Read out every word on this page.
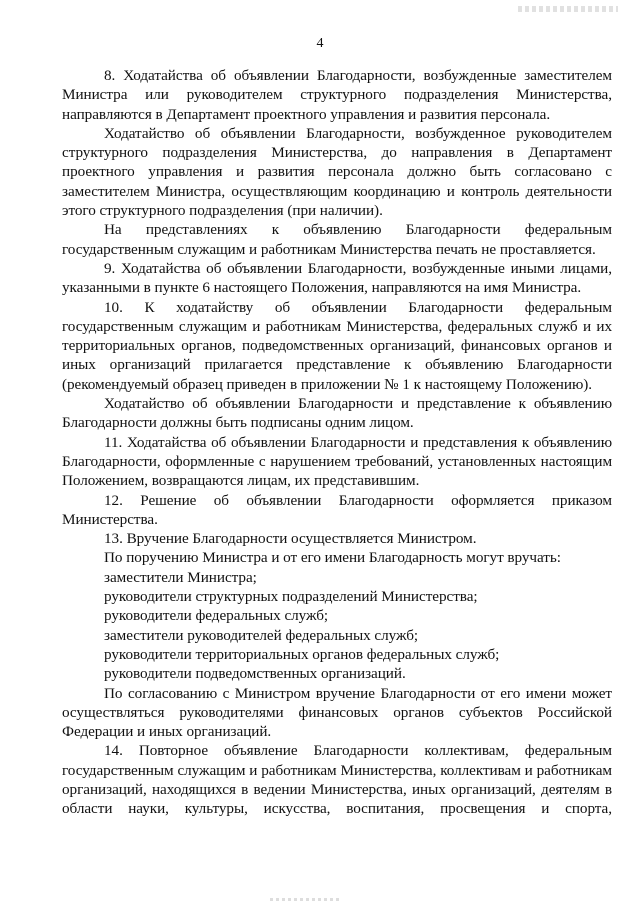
4

8. Ходатайства об объявлении Благодарности, возбужденные заместителем Министра или руководителем структурного подразделения Министерства, направляются в Департамент проектного управления и развития персонала.

Ходатайство об объявлении Благодарности, возбужденное руководителем структурного подразделения Министерства, до направления в Департамент проектного управления и развития персонала должно быть согласовано с заместителем Министра, осуществляющим координацию и контроль деятельности этого структурного подразделения (при наличии).

На представлениях к объявлению Благодарности федеральным государственным служащим и работникам Министерства печать не проставляется.

9. Ходатайства об объявлении Благодарности, возбужденные иными лицами, указанными в пункте 6 настоящего Положения, направляются на имя Министра.

10. К ходатайству об объявлении Благодарности федеральным государственным служащим и работникам Министерства, федеральных служб и их территориальных органов, подведомственных организаций, финансовых органов и иных организаций прилагается представление к объявлению Благодарности (рекомендуемый образец приведен в приложении № 1 к настоящему Положению).

Ходатайство об объявлении Благодарности и представление к объявлению Благодарности должны быть подписаны одним лицом.

11. Ходатайства об объявлении Благодарности и представления к объявлению Благодарности, оформленные с нарушением требований, установленных настоящим Положением, возвращаются лицам, их представившим.

12. Решение об объявлении Благодарности оформляется приказом Министерства.

13. Вручение Благодарности осуществляется Министром.

По поручению Министра и от его имени Благодарность могут вручать:

заместители Министра;

руководители структурных подразделений Министерства;

руководители федеральных служб;

заместители руководителей федеральных служб;

руководители территориальных органов федеральных служб;

руководители подведомственных организаций.

По согласованию с Министром вручение Благодарности от его имени может осуществляться руководителями финансовых органов субъектов Российской Федерации и иных организаций.

14. Повторное объявление Благодарности коллективам, федеральным государственным служащим и работникам Министерства, коллективам и работникам организаций, находящихся в ведении Министерства, иных организаций, деятелям в области науки, культуры, искусства, воспитания, просвещения и спорта,
